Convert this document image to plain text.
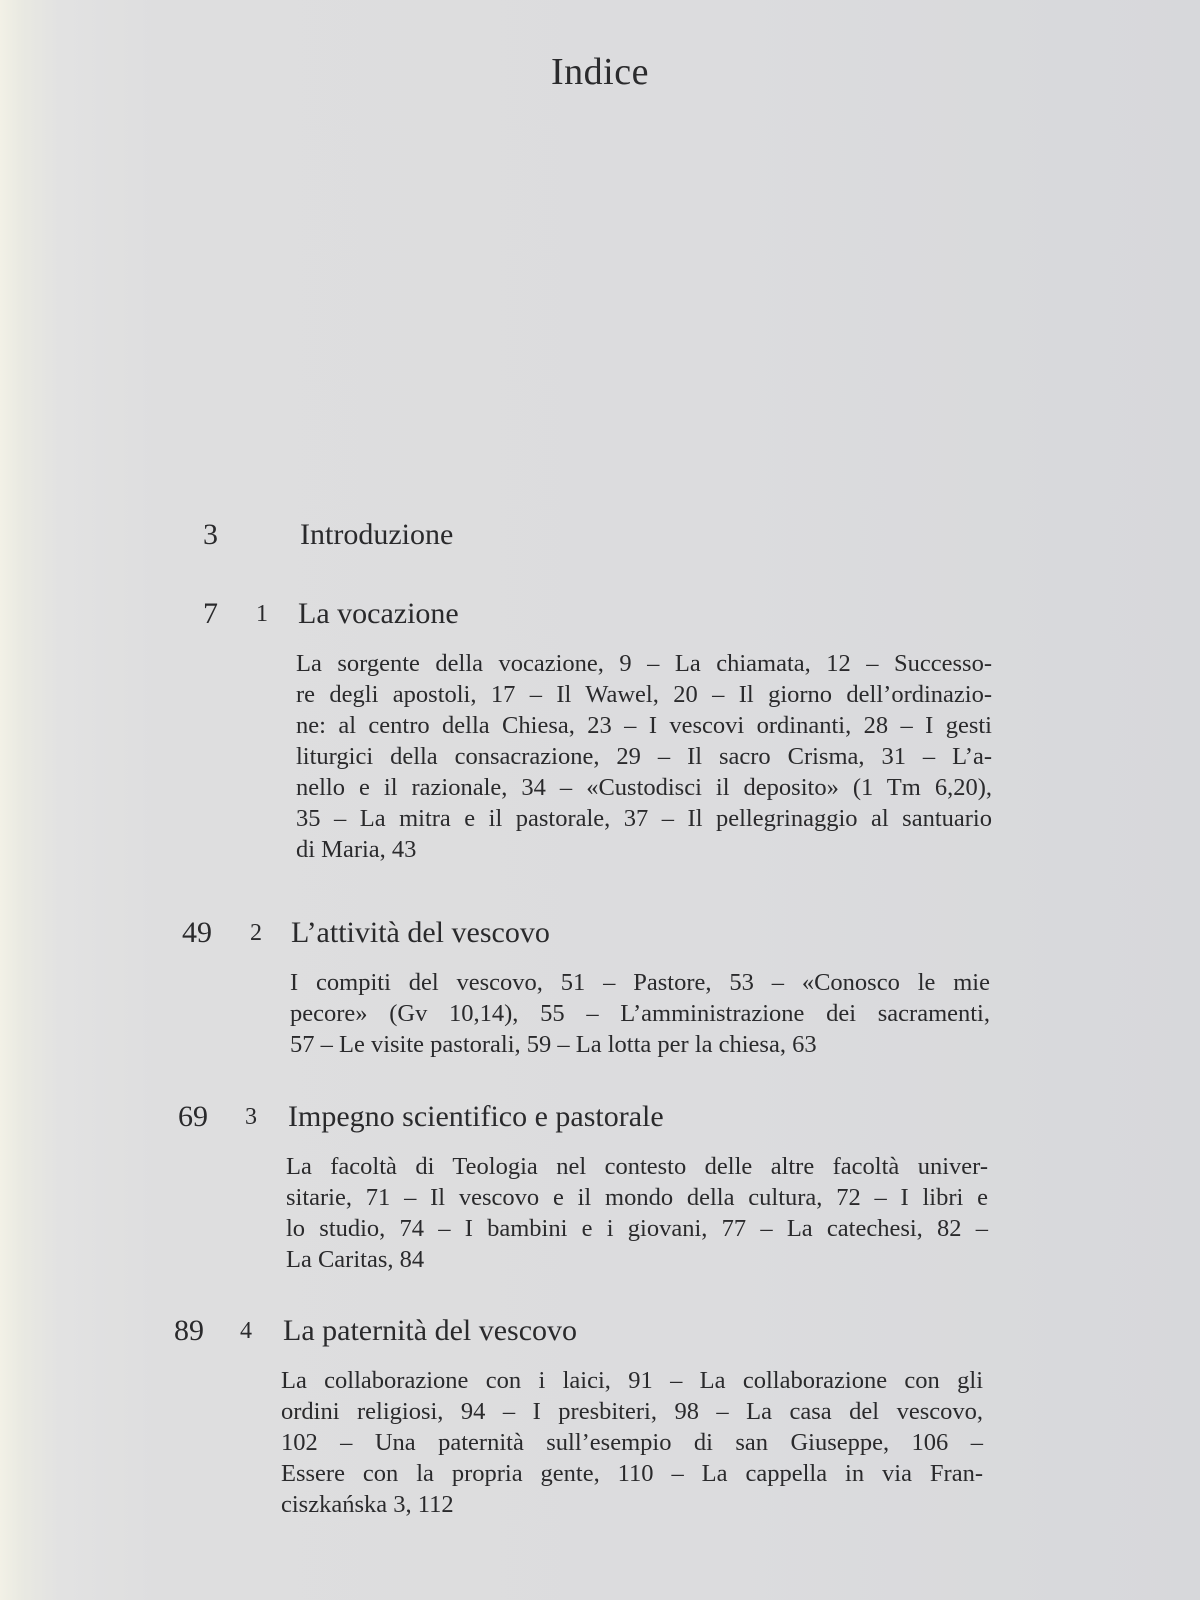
Indice
3	Introduzione
7 1 La vocazione
La sorgente della vocazione, 9 – La chiamata, 12 – Successo-
re degli apostoli, 17 – Il Wawel, 20 – Il giorno dell’ordinazio-
ne: al centro della Chiesa, 23 – I vescovi ordinanti, 28 – I gesti
liturgici della consacrazione, 29 – Il sacro Crisma, 31 – L’a-
nello e il razionale, 34 – «Custodisci il deposito» (1 Tm 6,20),
35 – La mitra e il pastorale, 37 – Il pellegrinaggio al santuario
di Maria, 43
49 2 L’attività del vescovo
I compiti del vescovo, 51 – Pastore, 53 – «Conosco le mie
pecore» (Gv 10,14), 55 – L’amministrazione dei sacramenti,
57 – Le visite pastorali, 59 – La lotta per la chiesa, 63
69 3 Impegno scientifico e pastorale
La facoltà di Teologia nel contesto delle altre facoltà univer-
sitarie, 71 – Il vescovo e il mondo della cultura, 72 – I libri e
lo studio, 74 – I bambini e i giovani, 77 – La catechesi, 82 –
La Caritas, 84
89 4 La paternità del vescovo
La collaborazione con i laici, 91 – La collaborazione con gli
ordini religiosi, 94 – I presbiteri, 98 – La casa del vescovo,
102 – Una paternità sull’esempio di san Giuseppe, 106 –
Essere con la propria gente, 110 – La cappella in via Fran-
ciszkańska 3, 112
